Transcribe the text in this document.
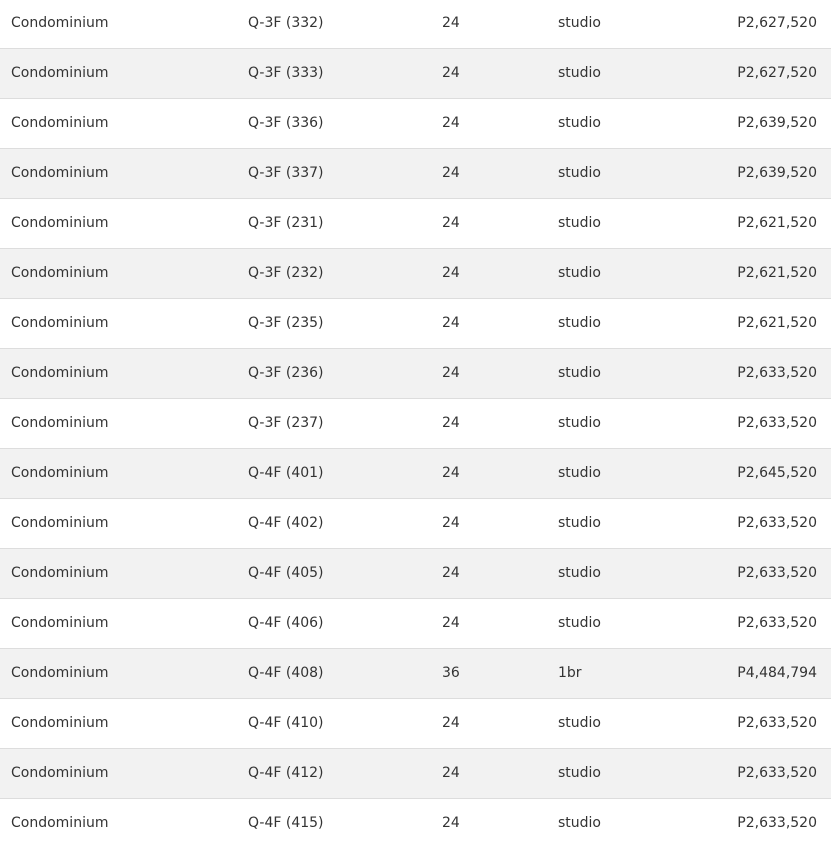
Condominium	Q-3F (332)	24	studio	P2,627,520
Condominium	Q-3F (333)	24	studio	P2,627,520
Condominium	Q-3F (336)	24	studio	P2,639,520
Condominium	Q-3F (337)	24	studio	P2,639,520
Condominium	Q-3F (231)	24	studio	P2,621,520
Condominium	Q-3F (232)	24	studio	P2,621,520
Condominium	Q-3F (235)	24	studio	P2,621,520
Condominium	Q-3F (236)	24	studio	P2,633,520
Condominium	Q-3F (237)	24	studio	P2,633,520
Condominium	Q-4F (401)	24	studio	P2,645,520
Condominium	Q-4F (402)	24	studio	P2,633,520
Condominium	Q-4F (405)	24	studio	P2,633,520
Condominium	Q-4F (406)	24	studio	P2,633,520
Condominium	Q-4F (408)	36	1br	P4,484,794
Condominium	Q-4F (410)	24	studio	P2,633,520
Condominium	Q-4F (412)	24	studio	P2,633,520
Condominium	Q-4F (415)	24	studio	P2,633,520
